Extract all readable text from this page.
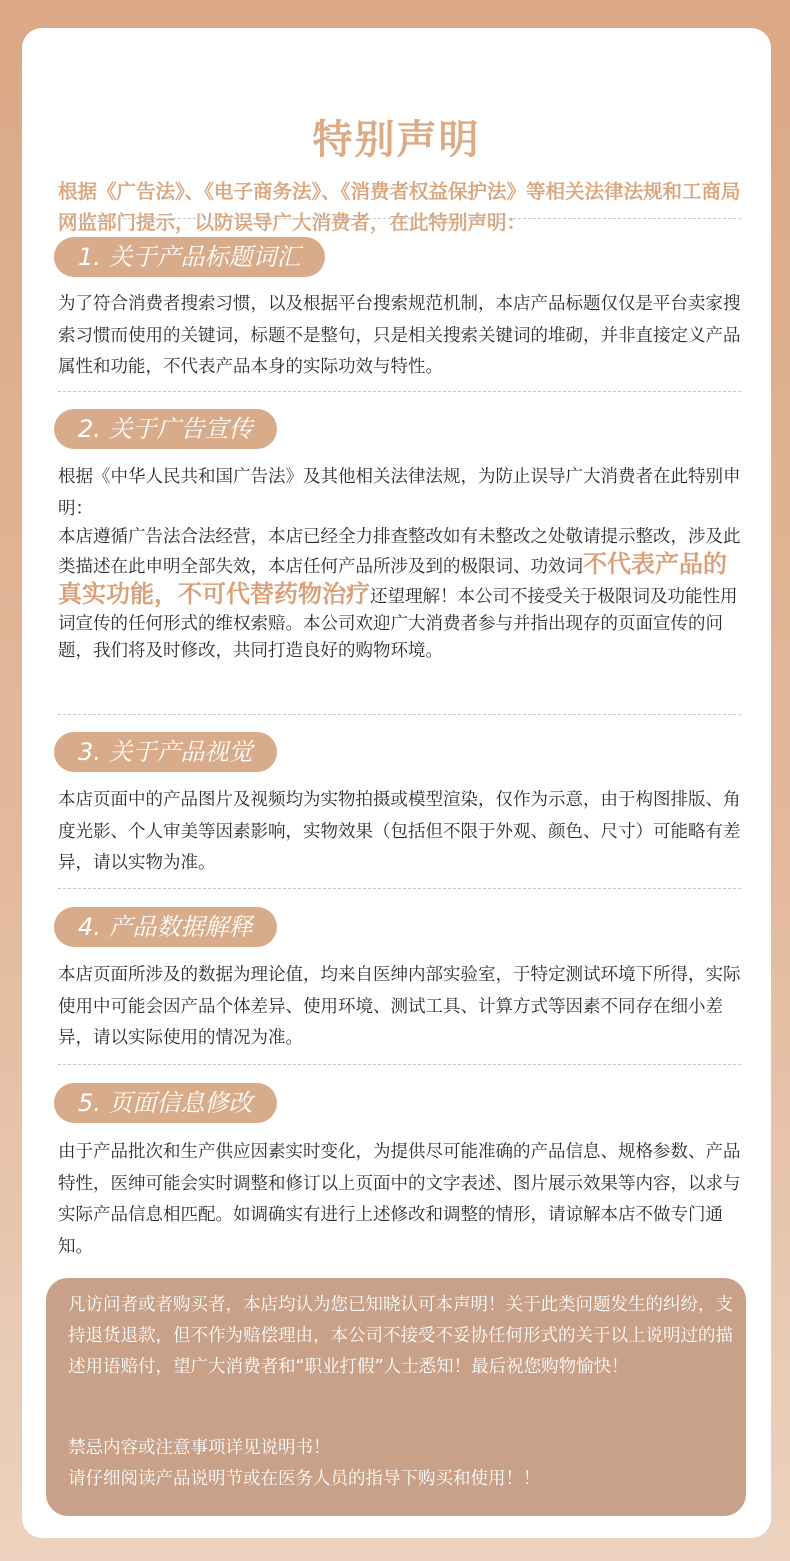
特别声明

根据《广告法》、《电子商务法》、《消费者权益保护法》等相关法律法规和工商局网监部门提示，以防误导广大消费者，在此特别声明：

1. 关于产品标题词汇

为了符合消费者搜索习惯，以及根据平台搜索规范机制，本店产品标题仅仅是平台卖家搜索习惯而使用的关键词，标题不是整句，只是相关搜索关键词的堆砌，并非直接定义产品属性和功能，不代表产品本身的实际功效与特性。

2. 关于广告宣传

根据《中华人民共和国广告法》及其他相关法律法规，为防止误导广大消费者在此特别申明：

本店遵循广告法合法经营，本店已经全力排查整改如有未整改之处敬请提示整改，涉及此类描述在此申明全部失效，本店任何产品所涉及到的极限词、功效词不代表产品的真实功能，不可代替药物治疗还望理解！本公司不接受关于极限词及功能性用词宣传的任何形式的维权索赔。本公司欢迎广大消费者参与并指出现存的页面宣传的问题，我们将及时修改，共同打造良好的购物环境。

3. 关于产品视觉

本店页面中的产品图片及视频均为实物拍摄或模型渲染，仅作为示意，由于构图排版、角度光影、个人审美等因素影响，实物效果（包括但不限于外观、颜色、尺寸）可能略有差异，请以实物为准。

4. 产品数据解释

本店页面所涉及的数据为理论值，均来自医绅内部实验室，于特定测试环境下所得，实际使用中可能会因产品个体差异、使用环境、测试工具、计算方式等因素不同存在细小差异，请以实际使用的情况为准。

5. 页面信息修改

由于产品批次和生产供应因素实时变化，为提供尽可能准确的产品信息、规格参数、产品特性，医绅可能会实时调整和修订以上页面中的文字表述、图片展示效果等内容，以求与实际产品信息相匹配。如调确实有进行上述修改和调整的情形，请谅解本店不做专门通知。

凡访问者或者购买者，本店均认为您已知晓认可本声明！关于此类问题发生的纠纷，支持退货退款，但不作为赔偿理由，本公司不接受不妥协任何形式的关于以上说明过的描述用语赔付，望广大消费者和“职业打假”人士悉知！最后祝您购物愉快！

禁忌内容或注意事项详见说明书！

请仔细阅读产品说明节或在医务人员的指导下购买和使用！！
